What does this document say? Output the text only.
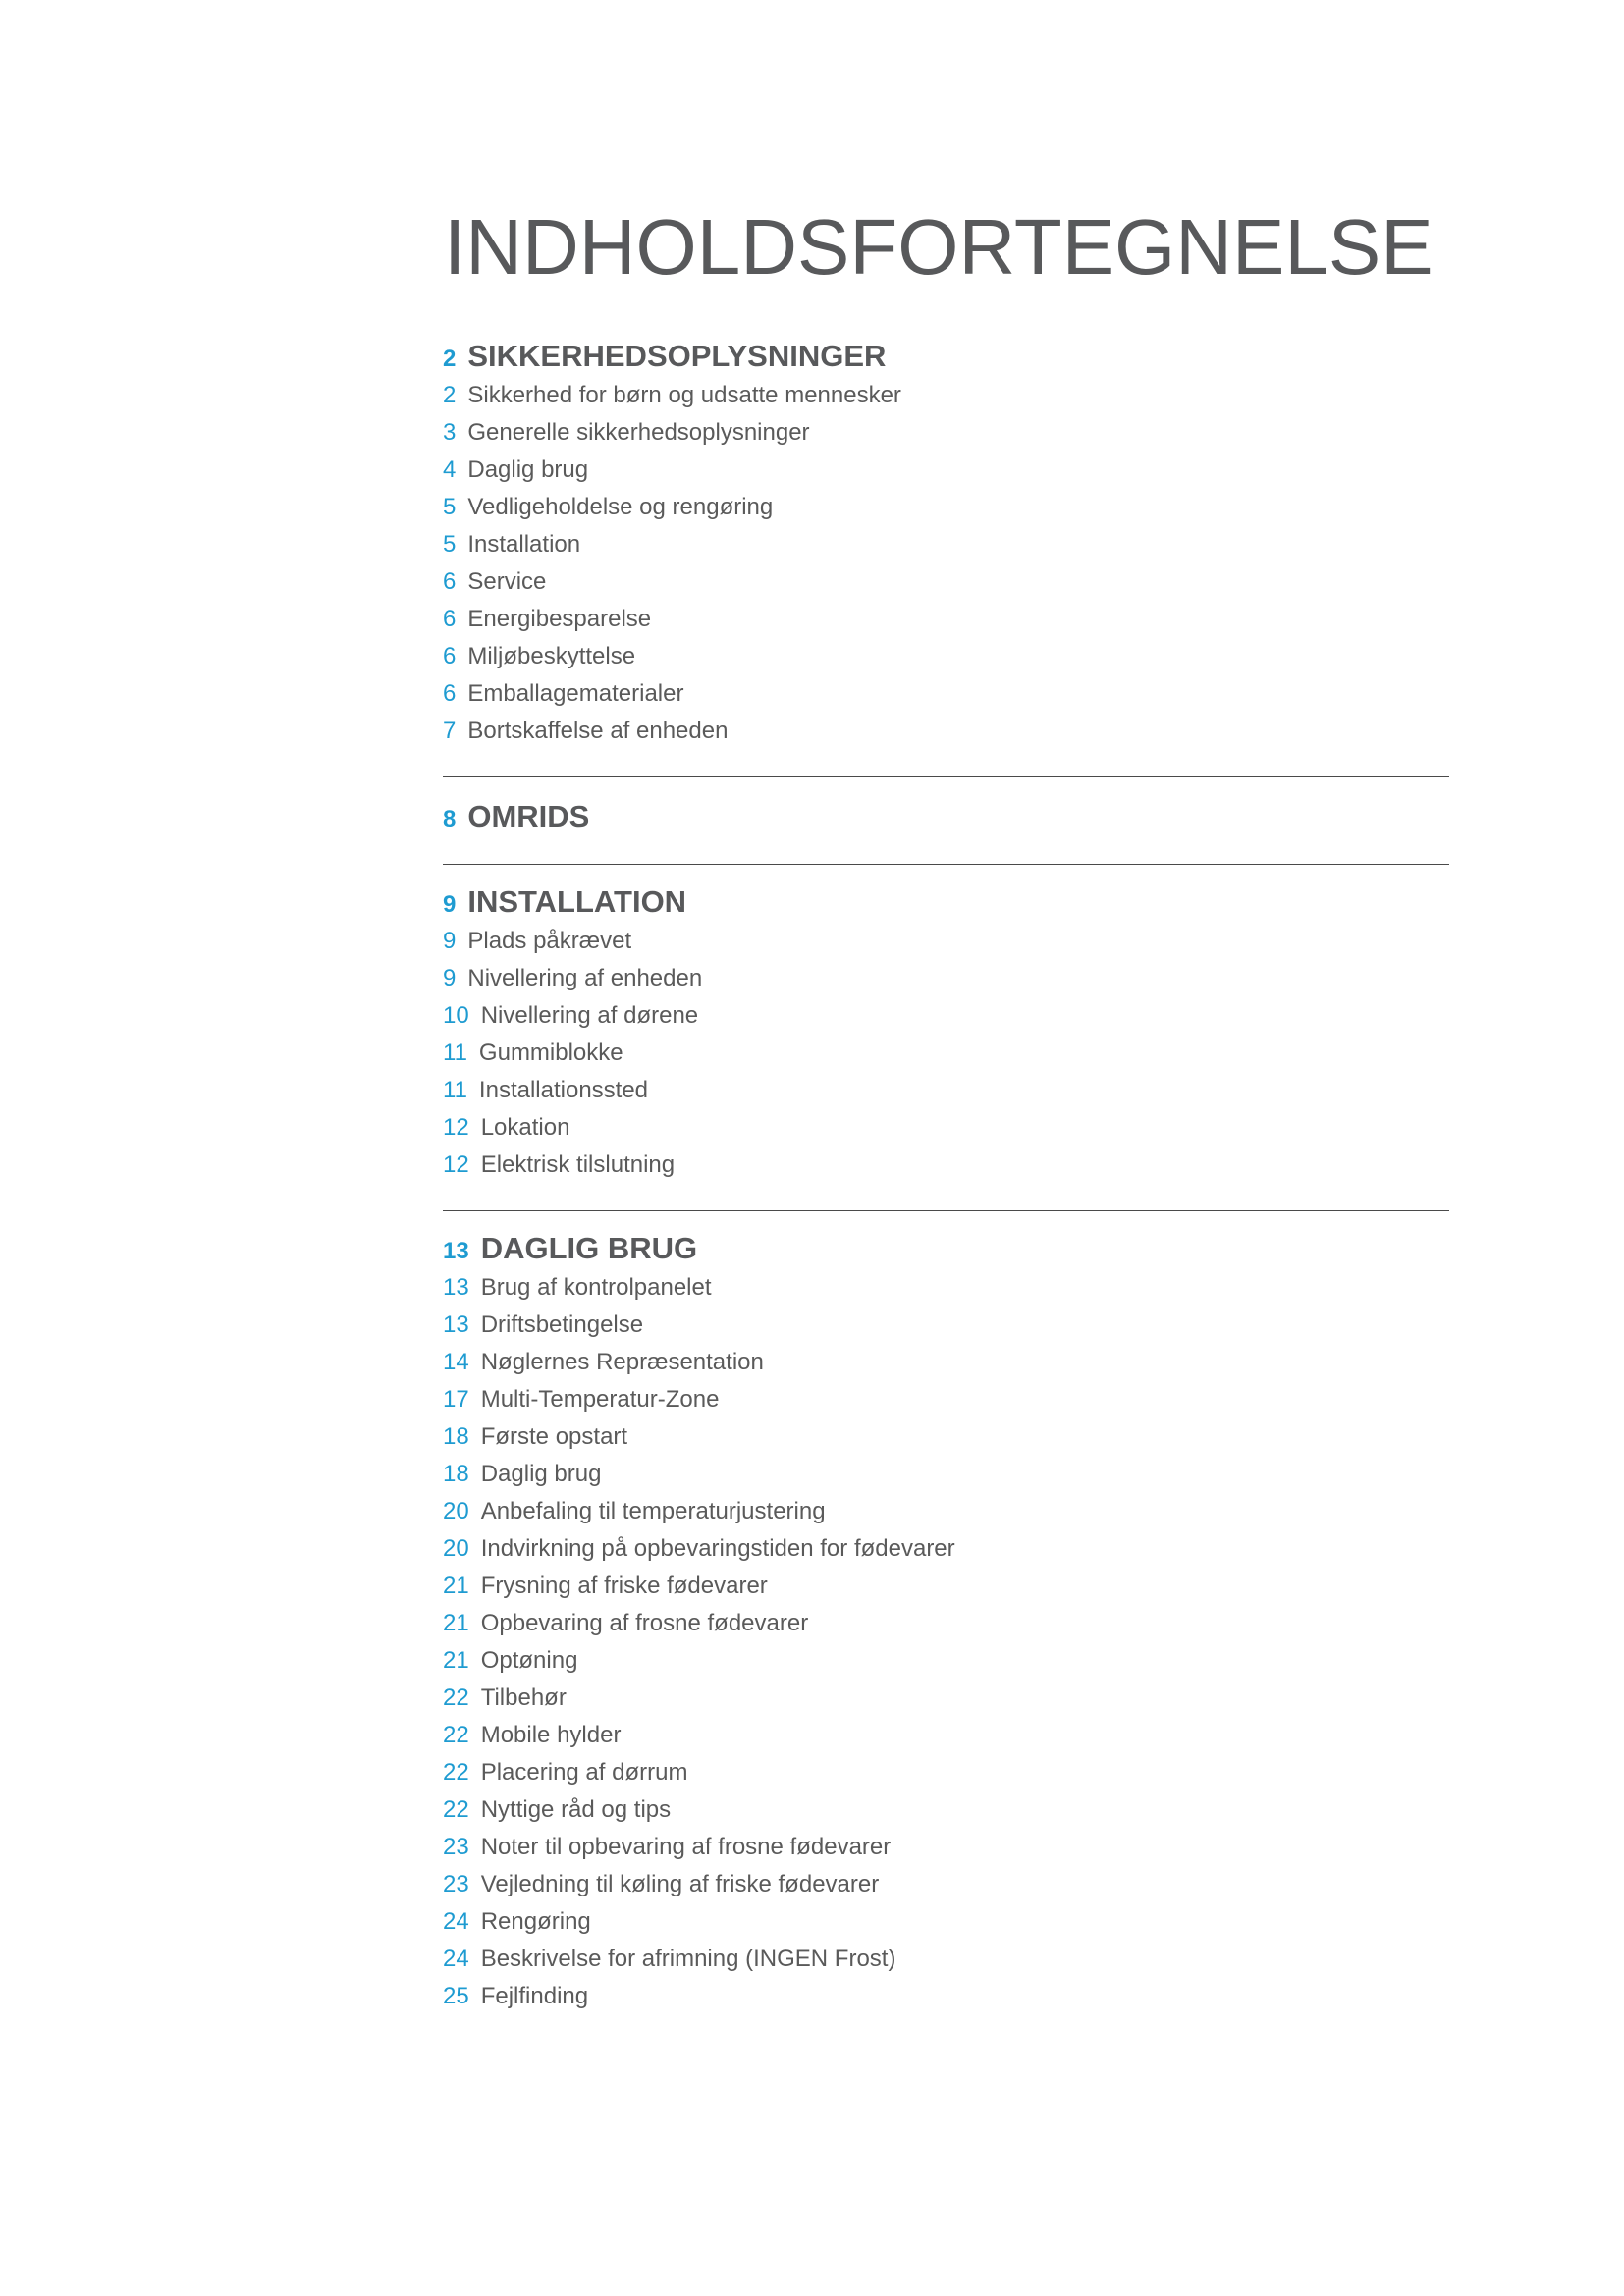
INDHOLDSFORTEGNELSE
2 SIKKERHEDSOPLYSNINGER
2 Sikkerhed for børn og udsatte mennesker
3 Generelle sikkerhedsoplysninger
4 Daglig brug
5 Vedligeholdelse og rengøring
5 Installation
6 Service
6 Energibesparelse
6 Miljøbeskyttelse
6 Emballagematerialer
7 Bortskaffelse af enheden
8 OMRIDS
9 INSTALLATION
9 Plads påkrævet
9 Nivellering af enheden
10 Nivellering af dørene
11 Gummiblokke
11 Installationssted
12 Lokation
12 Elektrisk tilslutning
13 DAGLIG BRUG
13 Brug af kontrolpanelet
13 Driftsbetingelse
14 Nøglernes Repræsentation
17 Multi-Temperatur-Zone
18 Første opstart
18 Daglig brug
20 Anbefaling til temperaturjustering
20 Indvirkning på opbevaringstiden for fødevarer
21 Frysning af friske fødevarer
21 Opbevaring af frosne fødevarer
21 Optøning
22 Tilbehør
22 Mobile hylder
22 Placering af dørrum
22 Nyttige råd og tips
23 Noter til opbevaring af frosne fødevarer
23 Vejledning til køling af friske fødevarer
24 Rengøring
24 Beskrivelse for afrimning (INGEN Frost)
25 Fejlfinding
